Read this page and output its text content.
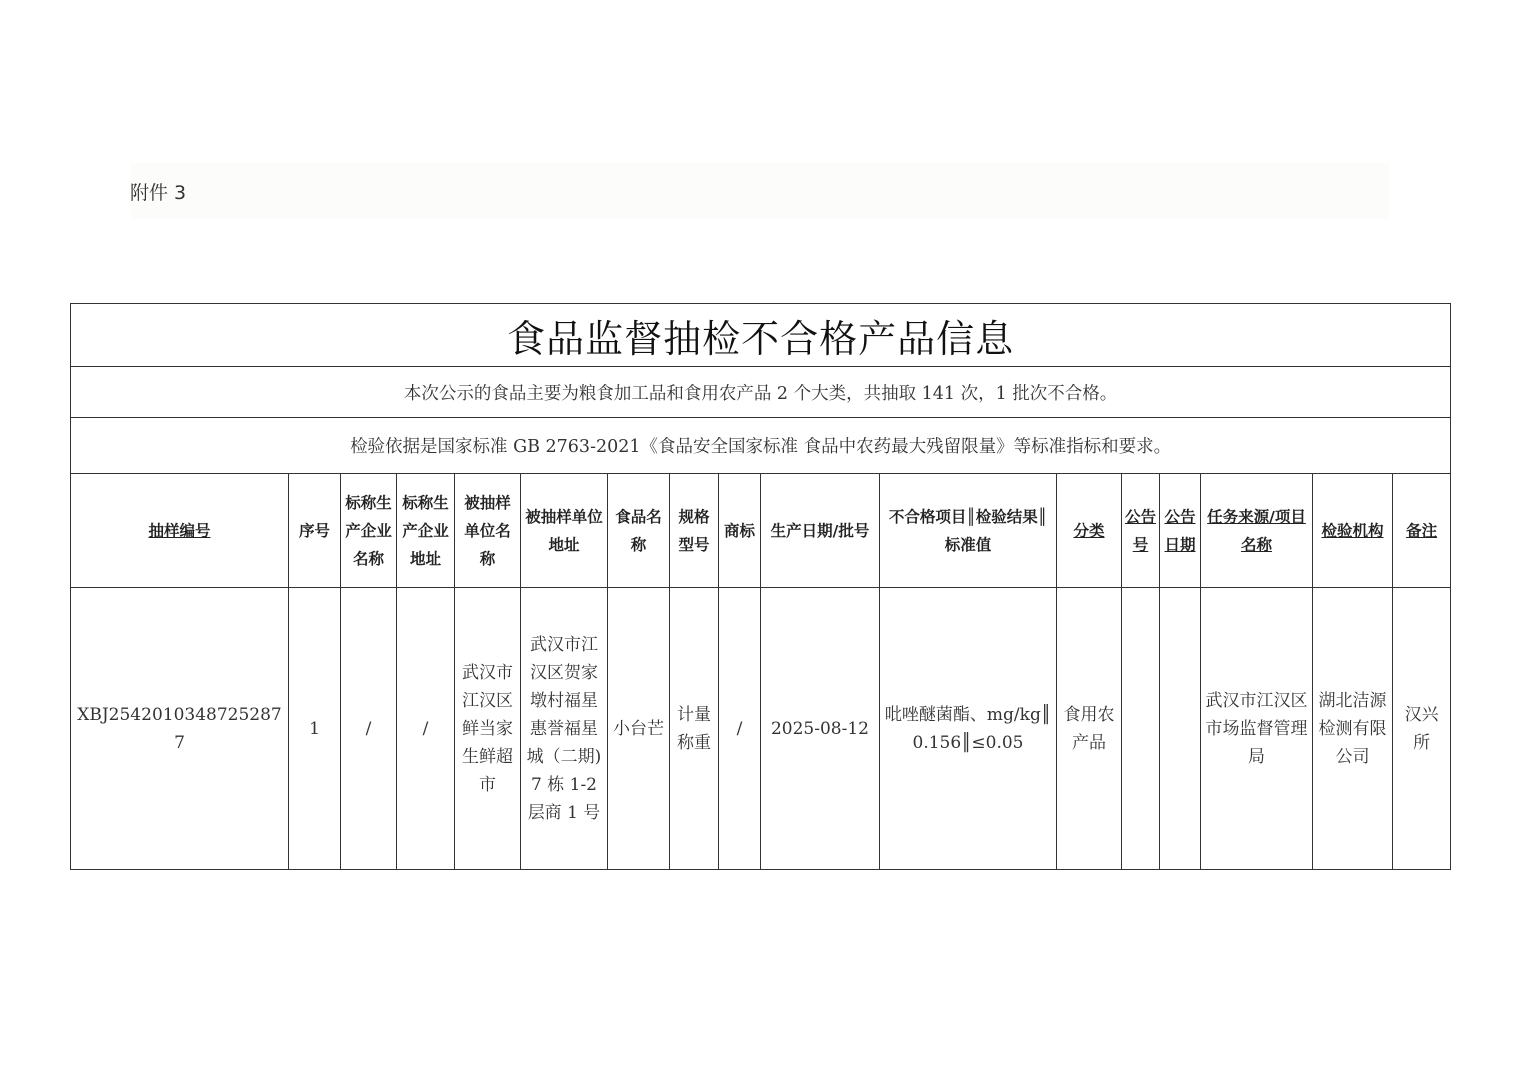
附件 3
食品监督抽检不合格产品信息																
本次公示的食品主要为粮食加工品和食用农产品 2 个大类，共抽取 141 次，1 批次不合格。																
检验依据是国家标准 GB 2763-2021《食品安全国家标准 食品中农药最大残留限量》等标准指标和要求。																

抽样编号	序号	标称生产企业名称	标称生产企业地址	被抽样单位名称	被抽样单位地址	食品名称	规格型号	商标	生产日期/批号	不合格项目║检验结果║标准值	分类	公告号	公告日期	任务来源/项目名称	检验机构	备注

XBJ25420103487252877	1	/	/	武汉市江汉区鲜当家生鲜超市	武汉市江汉区贺家墩村福星惠誉福星城（二期)7 栋 1-2 层商 1 号	小台芒	计量称重	/	2025-08-12	吡唑醚菌酯、mg/kg║0.156║≤0.05	食用农产品			武汉市江汉区市场监督管理局	湖北洁源检测有限公司	汉兴所
